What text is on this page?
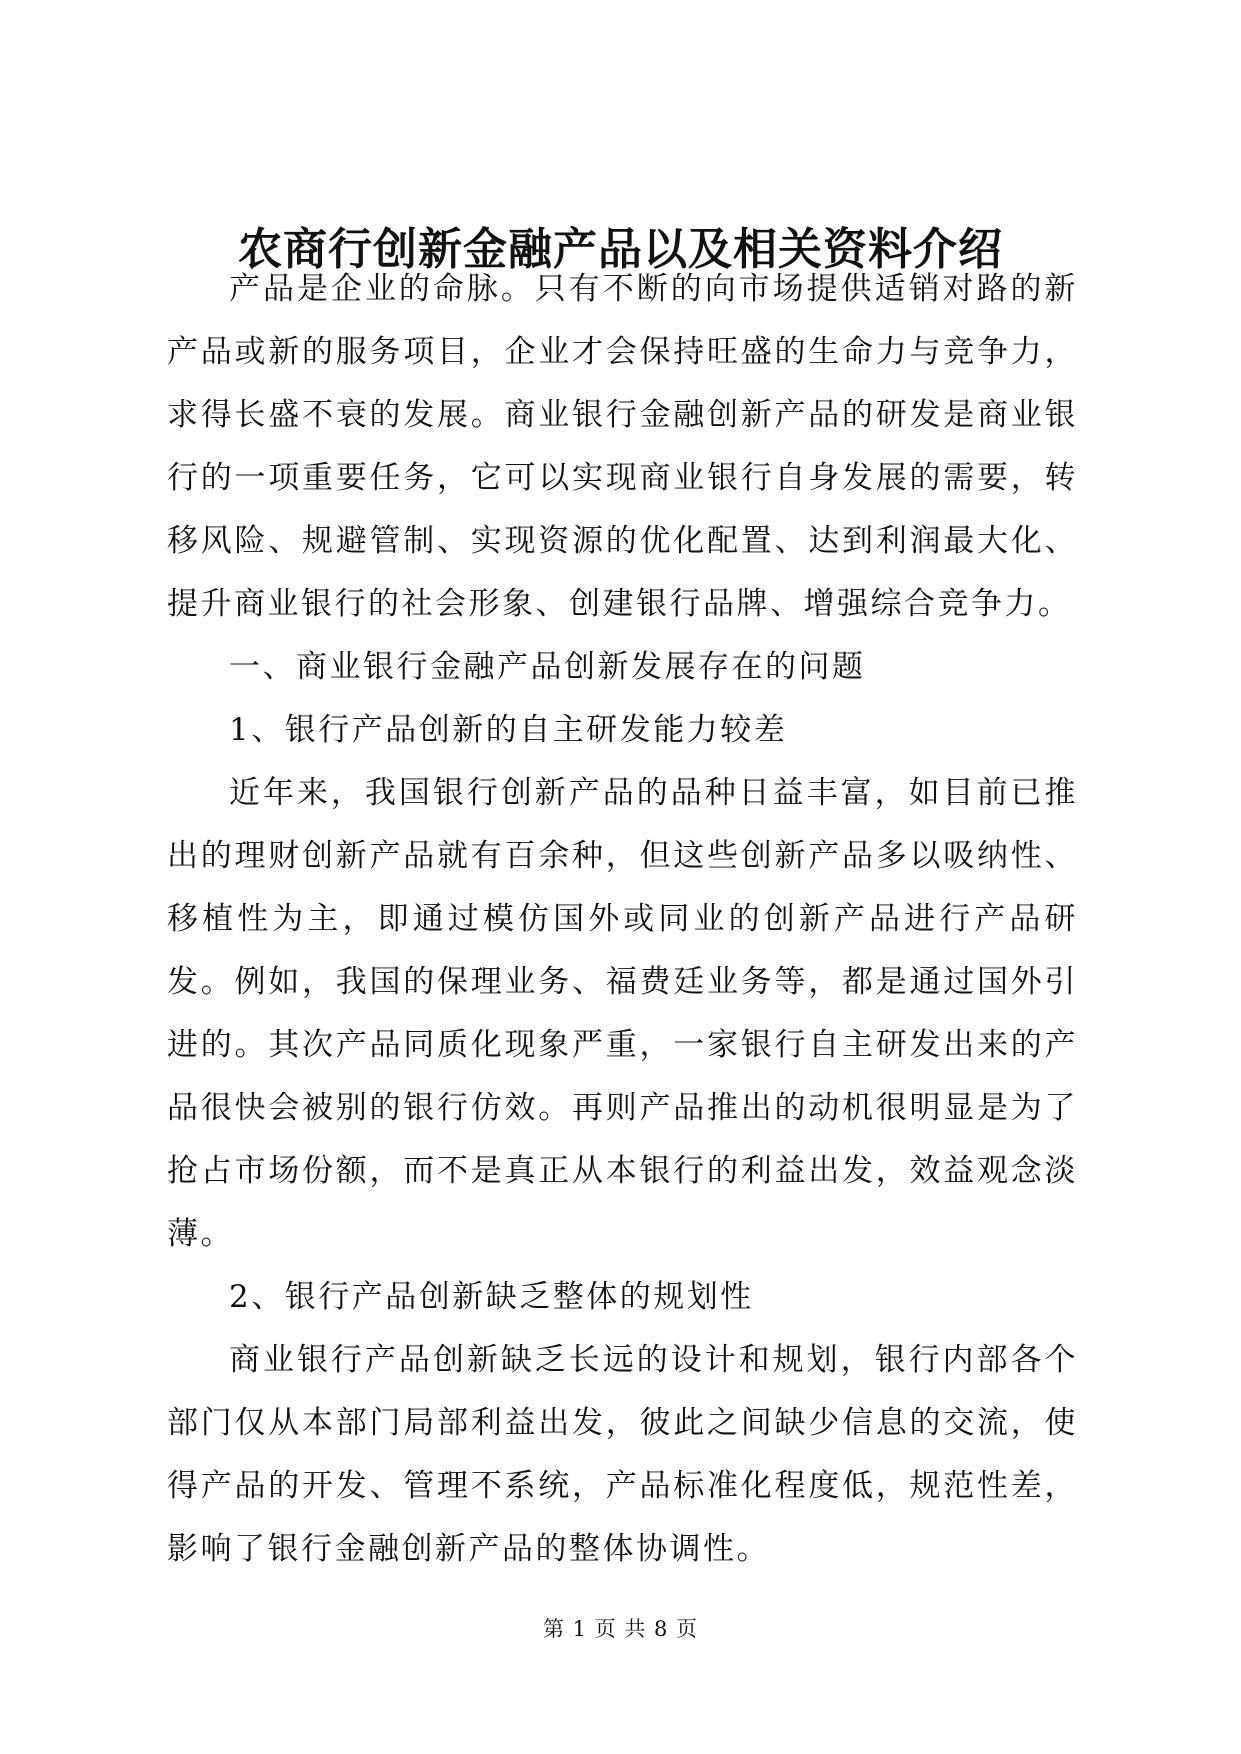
农商行创新金融产品以及相关资料介绍

产品是企业的命脉。只有不断的向市场提供适销对路的新产品或新的服务项目，企业才会保持旺盛的生命力与竞争力，求得长盛不衰的发展。商业银行金融创新产品的研发是商业银行的一项重要任务，它可以实现商业银行自身发展的需要，转移风险、规避管制、实现资源的优化配置、达到利润最大化、提升商业银行的社会形象、创建银行品牌、增强综合竞争力。

一、商业银行金融产品创新发展存在的问题

1、银行产品创新的自主研发能力较差

近年来，我国银行创新产品的品种日益丰富，如目前已推出的理财创新产品就有百余种，但这些创新产品多以吸纳性、移植性为主，即通过模仿国外或同业的创新产品进行产品研发。例如，我国的保理业务、福费廷业务等，都是通过国外引进的。其次产品同质化现象严重，一家银行自主研发出来的产品很快会被别的银行仿效。再则产品推出的动机很明显是为了抢占市场份额，而不是真正从本银行的利益出发，效益观念淡薄。

2、银行产品创新缺乏整体的规划性

商业银行产品创新缺乏长远的设计和规划，银行内部各个部门仅从本部门局部利益出发，彼此之间缺少信息的交流，使得产品的开发、管理不系统，产品标准化程度低，规范性差，影响了银行金融创新产品的整体协调性。

第 1 页 共 8 页
